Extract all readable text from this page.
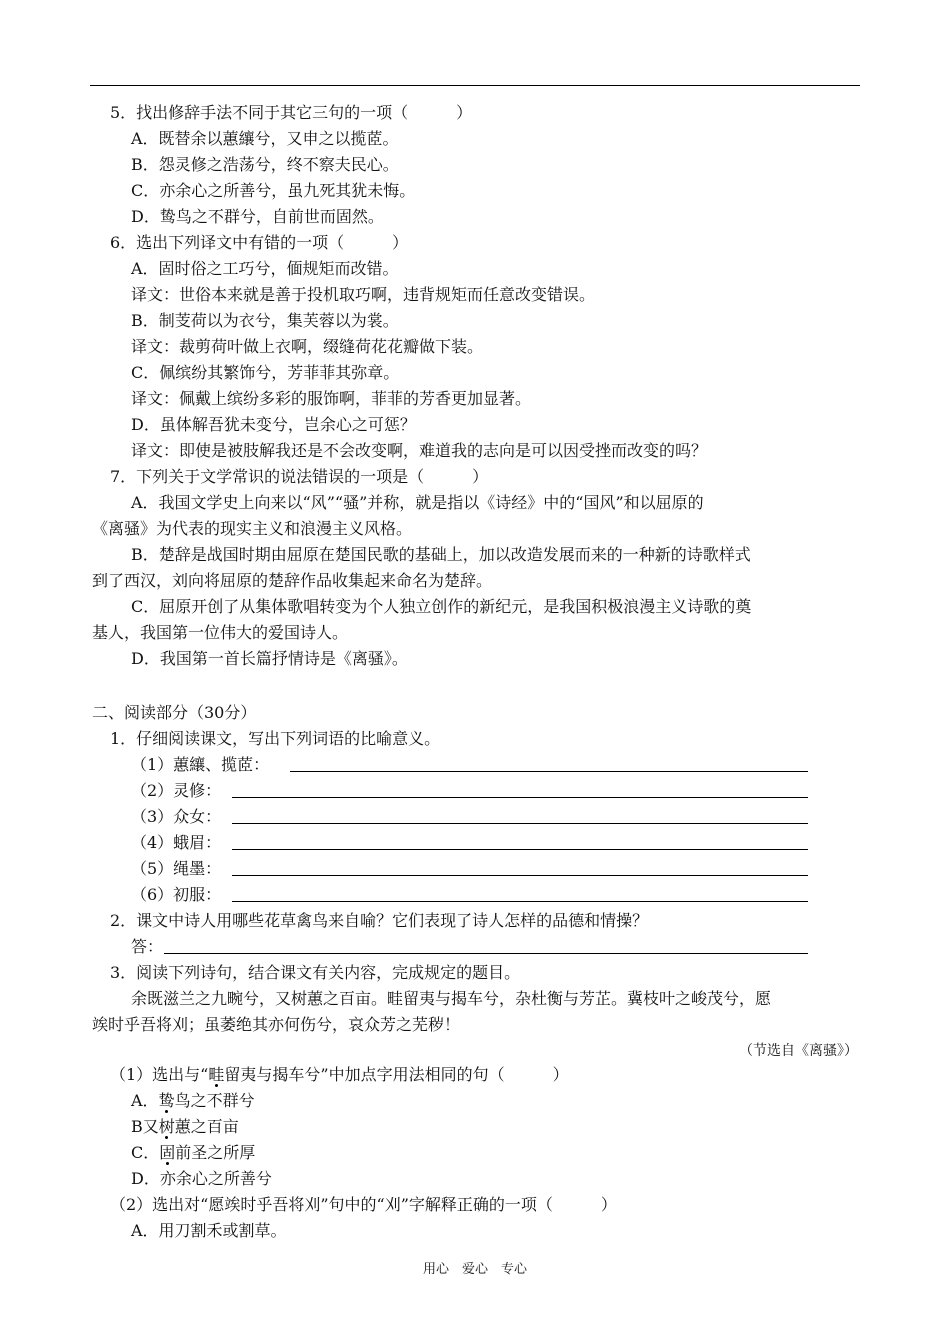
5．找出修辞手法不同于其它三句的一项（　　　）
A．既替余以蕙纕兮，又申之以揽茝。
B．怨灵修之浩荡兮，终不察夫民心。
C．亦余心之所善兮，虽九死其犹未悔。
D．鸷鸟之不群兮，自前世而固然。
6．选出下列译文中有错的一项（　　　）
A．固时俗之工巧兮，偭规矩而改错。
译文：世俗本来就是善于投机取巧啊，违背规矩而任意改变错误。
B．制芰荷以为衣兮，集芙蓉以为裳。
译文：裁剪荷叶做上衣啊，缀缝荷花花瓣做下装。
C．佩缤纷其繁饰兮，芳菲菲其弥章。
译文：佩戴上缤纷多彩的服饰啊，菲菲的芳香更加显著。
D．虽体解吾犹未变兮，岂余心之可惩？
译文：即使是被肢解我还是不会改变啊，难道我的志向是可以因受挫而改变的吗？
7．下列关于文学常识的说法错误的一项是（　　　）
A．我国文学史上向来以“风”“骚”并称，就是指以《诗经》中的“国风”和以屈原的
《离骚》为代表的现实主义和浪漫主义风格。
B．楚辞是战国时期由屈原在楚国民歌的基础上，加以改造发展而来的一种新的诗歌样式
到了西汉，刘向将屈原的楚辞作品收集起来命名为楚辞。
C．屈原开创了从集体歌唱转变为个人独立创作的新纪元，是我国积极浪漫主义诗歌的奠
基人，我国第一位伟大的爱国诗人。
D．我国第一首长篇抒情诗是《离骚》。
二、阅读部分（30分）
1．仔细阅读课文，写出下列词语的比喻意义。
（1）蕙纕、揽茝：
（2）灵修：
（3）众女：
（4）蛾眉：
（5）绳墨：
（6）初服：
2．课文中诗人用哪些花草禽鸟来自喻？它们表现了诗人怎样的品德和情操？
答：
3．阅读下列诗句，结合课文有关内容，完成规定的题目。
余既滋兰之九畹兮，又树蕙之百亩。畦留夷与揭车兮，杂杜衡与芳芷。冀枝叶之峻茂兮，愿
竢时乎吾将刈；虽萎绝其亦何伤兮，哀众芳之芜秽！
（节选自《离骚》）
（1）选出与“畦留夷与揭车兮”中加点字用法相同的句（　　　）
A．鸷鸟之不群兮
B又树蕙之百亩
C．固前圣之所厚
D．亦余心之所善兮
（2）选出对“愿竢时乎吾将刈”句中的“刈”字解释正确的一项（　　　）
A．用刀割禾或割草。
用心　爱心　专心
